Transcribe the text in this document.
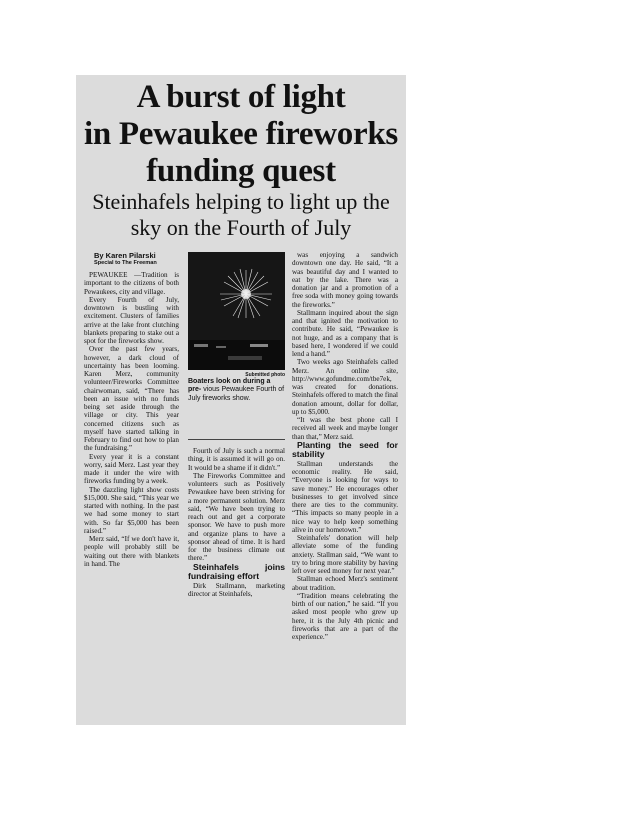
A burst of light
in Pewaukee fireworks
funding quest
Steinhafels helping to light up the
sky on the Fourth of July

By Karen Pilarski

Special to The Freeman

PEWAUKEE —Tradition is important to the citizens of both Pewaukees, city and village.

Every Fourth of July, downtown is bustling with excitement. Clusters of families arrive at the lake front clutching blankets preparing to stake out a spot for the fireworks show.

Over the past few years, however, a dark cloud of uncertainty has been looming. Karen Merz, community volunteer/Fireworks Committee chairwoman, said, “There has been an issue with no funds being set aside through the village or city. This year concerned citizens such as myself have started talking in February to find out how to plan the fundraising.”

Every year it is a constant worry, said Merz. Last year they made it under the wire with fireworks funding by a week.

The dazzling light show costs $15,000. She said, “This year we started with nothing. In the past we had some money to start with. So far $5,000 has been raised.”

Merz said, “If we don't have it, people will probably still be waiting out there with blankets in hand. The

Submitted photo
Boaters look on during a pre- vious Pewaukee Fourth of July fireworks show.

Fourth of July is such a normal thing, it is assumed it will go on. It would be a shame if it didn't.”

The Fireworks Committee and volunteers such as Positively Pewaukee have been striving for a more permanent solution. Merz said, “We have been trying to reach out and get a corporate sponsor. We have to push more and organize plans to have a sponsor ahead of time. It is hard for the business climate out there.”

Steinhafels joins fundraising effort

Dirk Stallmann, marketing director at Steinhafels,

was enjoying a sandwich downtown one day. He said, “It a was beautiful day and I wanted to eat by the lake. There was a donation jar and a promotion of a free soda with money going towards the fireworks.”

Stallmann inquired about the sign and that ignited the motivation to contribute. He said, “Pewaukee is not huge, and as a company that is based here, I wondered if we could lend a hand.”

Two weeks ago Steinhafels called Merz. An online site, http://www.gofundme.com/tbe7ek, was created for donations. Steinhafels offered to match the final donation amount, dollar for dollar, up to $5,000.

“It was the best phone call I received all week and maybe longer than that,” Merz said.

Planting the seed for stability

Stallman understands the economic reality. He said, “Everyone is looking for ways to save money.” He encourages other businesses to get involved since there are ties to the community. “This impacts so many people in a nice way to help keep something alive in our hometown.”

Steinhafels' donation will help alleviate some of the funding anxiety. Stallman said, “We want to try to bring more stability by having left over seed money for next year.”

Stallman echoed Merz's sentiment about tradition.

“Tradition means celebrating the birth of our nation,” he said. “If you asked most people who grew up here, it is the July 4th picnic and fireworks that are a part of the experience.”
